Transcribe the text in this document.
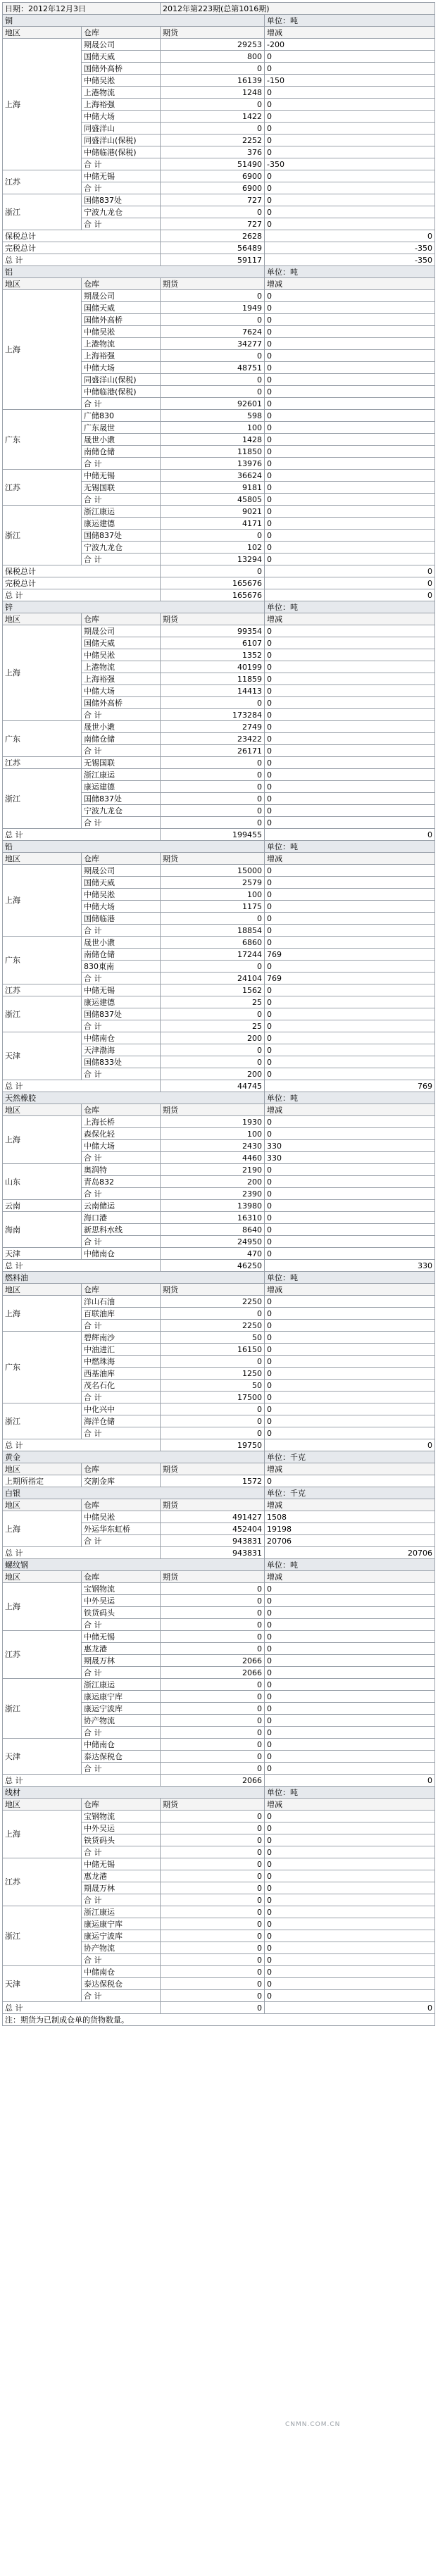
日期：2012年12月3日		2012年第223期(总第1016期)	
铜			单位：吨
地区	仓库	期货	增减
上海	期晟公司	29253	-200
	国储天威	800	0
	国储外高桥	0	0
	中储吴淞	16139	-150
	上港物流	1248	0
	上海裕强	0	0
	中储大场	1422	0
	同盛洋山	0	0
	同盛洋山(保税)	2252	0
	中储临港(保税)	376	0
	合 计	51490	-350
江苏	中储无锡	6900	0
	合 计	6900	0
浙江	国储837处	727	0
	宁波九龙仓	0	0
	合 计	727	0
保税总计		2628	0
完税总计		56489	-350
总 计		59117	-350
铝			单位：吨
地区	仓库	期货	增减
上海	期晟公司	0	0
	国储天威	1949	0
	国储外高桥	0	0
	中储吴淞	7624	0
	上港物流	34277	0
	上海裕强	0	0
	中储大场	48751	0
	同盛洋山(保税)	0	0
	中储临港(保税)	0	0
	合 计	92601	0
广东	广储830	598	0
	广东晟世	100	0
	晟世小漖	1428	0
	南储仓储	11850	0
	合 计	13976	0
江苏	中储无锡	36624	0
	无锡国联	9181	0
	合 计	45805	0
浙江	浙江康运	9021	0
	康运建德	4171	0
	国储837处	0	0
	宁波九龙仓	102	0
	合 计	13294	0
保税总计		0	0
完税总计		165676	0
总 计		165676	0
锌			单位：吨
地区	仓库	期货	增减
上海	期晟公司	99354	0
	国储天威	6107	0
	中储吴淞	1352	0
	上港物流	40199	0
	上海裕强	11859	0
	中储大场	14413	0
	国储外高桥	0	0
	合 计	173284	0
广东	晟世小漖	2749	0
	南储仓储	23422	0
	合 计	26171	0
江苏	无锡国联	0	0
浙江	浙江康运	0	0
	康运建德	0	0
	国储837处	0	0
	宁波九龙仓	0	0
	合 计	0	0
总 计		199455	0
铅			单位：吨
地区	仓库	期货	增减
上海	期晟公司	15000	0
	国储天威	2579	0
	中储吴淞	100	0
	中储大场	1175	0
	国储临港	0	0
	合 计	18854	0
广东	晟世小漖	6860	0
	南储仓储	17244	769
	830東南	0	0
	合 计	24104	769
江苏	中储无锡	1562	0
浙江	康运建德	25	0
	国储837处	0	0
	合 计	25	0
天津	中储南仓	200	0
	天津渤海	0	0
	国储833处	0	0
	合 计	200	0
总 计		44745	769
天然橡胶			单位：吨
地区	仓库	期货	增减
上海	上海长桥	1930	0
	森保化轻	100	0
	中储大场	2430	330
	合 计	4460	330
山东	奥润特	2190	0
	青岛832	200	0
	合 计	2390	0
云南	云南储运	13980	0
海南	海口港	16310	0
	新思科水线	8640	0
	合 计	24950	0
天津	中储南仓	470	0
总 计		46250	330
燃料油			单位：吨
地区	仓库	期货	增减
上海	洋山石油	2250	0
	百联油库	0	0
	合 计	2250	0
广东	碧辉南沙	50	0
	中油进汇	16150	0
	中燃珠海	0	0
	西基油库	1250	0
	茂名石化	50	0
	合 计	17500	0
浙江	中化兴中	0	0
	海洋仓储	0	0
	合 计	0	0
总 计		19750	0
黄金			单位：千克
地区	仓库	期货	增减
上期所指定	交割金库	1572	0
白银			单位：千克
地区	仓库	期货	增减
上海	中储吴淞	491427	1508
	外运华东虹桥	452404	19198
	合 计	943831	20706
总 计		943831	20706
螺纹钢			单位：吨
地区	仓库	期货	增减
上海	宝钢物流	0	0
	中外吴运	0	0
	铁货码头	0	0
	合 计	0	0
江苏	中储无锡	0	0
	惠龙港	0	0
	期晟万林	2066	0
	合 计	2066	0
浙江	浙江康运	0	0
	康运康宁库	0	0
	康运宁波库	0	0
	协产物流	0	0
	合 计	0	0
天津	中储南仓	0	0
	泰达保税仓	0	0
	合 计	0	0
总 计		2066	0
线材			单位：吨
地区	仓库	期货	增减
上海	宝钢物流	0	0
	中外吴运	0	0
	铁货码头	0	0
	合 计	0	0
江苏	中储无锡	0	0
	惠龙港	0	0
	期晟万林	0	0
	合 计	0	0
浙江	浙江康运	0	0
	康运康宁库	0	0
	康运宁波库	0	0
	协产物流	0	0
	合 计	0	0
天津	中储南仓	0	0
	泰达保税仓	0	0
	合 计	0	0
总 计		0	0
注：期货为已制成仓单的货物数量。			
CNMN.COM.CN
